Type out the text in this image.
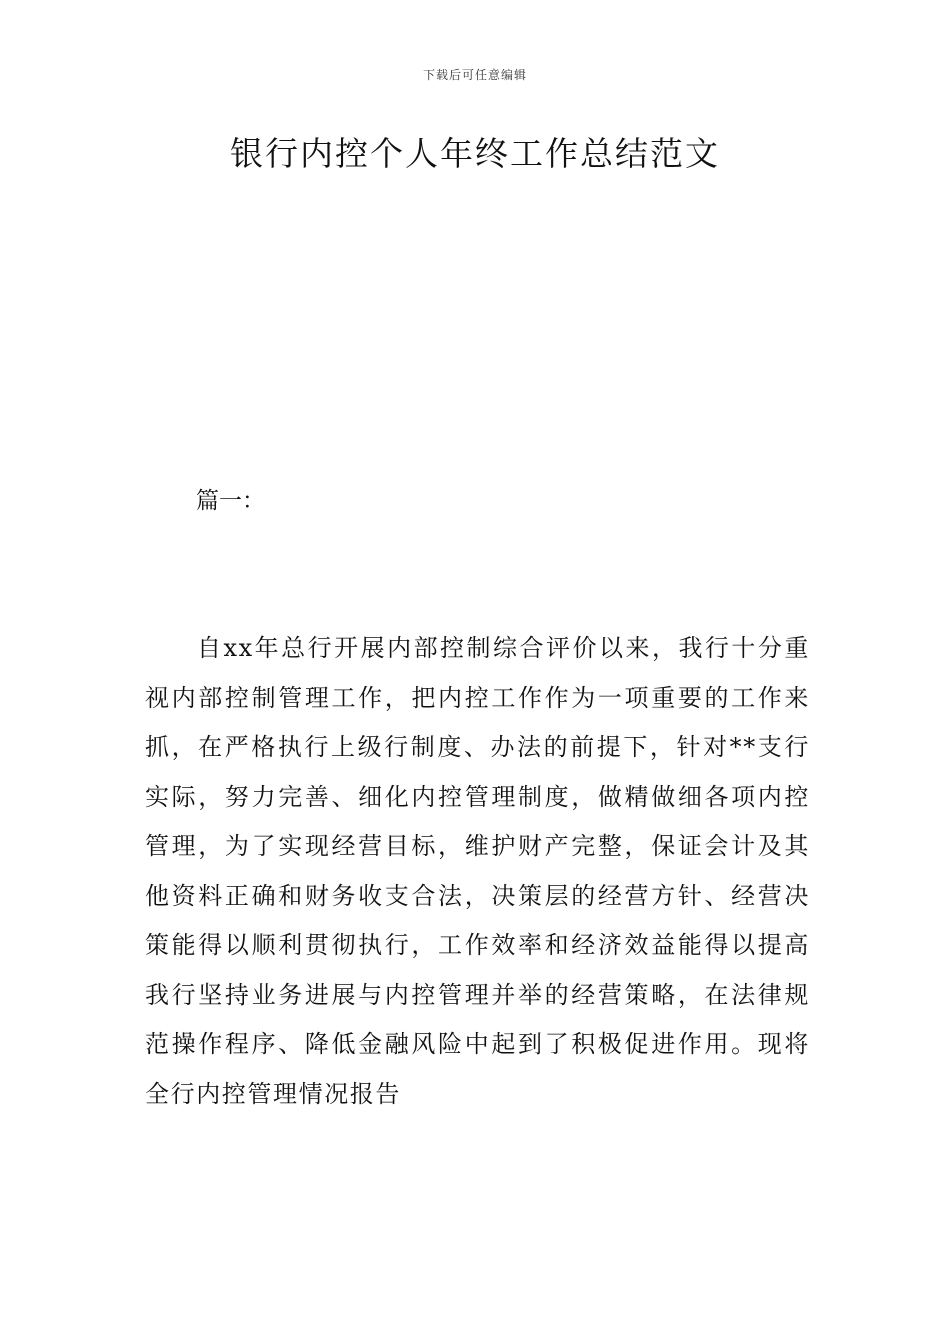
下载后可任意编辑
银行内控个人年终工作总结范文
篇一：

自xx年总行开展内部控制综合评价以来，我行十分重视内部控制管理工作，把内控工作作为一项重要的工作来抓，在严格执行上级行制度、办法的前提下，针对**支行实际，努力完善、细化内控管理制度，做精做细各项内控管理，为了实现经营目标，维护财产完整，保证会计及其他资料正确和财务收支合法，决策层的经营方针、经营决策能得以顺利贯彻执行，工作效率和经济效益能得以提高我行坚持业务进展与内控管理并举的经营策略，在法律规范操作程序、降低金融风险中起到了积极促进作用。现将全行内控管理情况报告
